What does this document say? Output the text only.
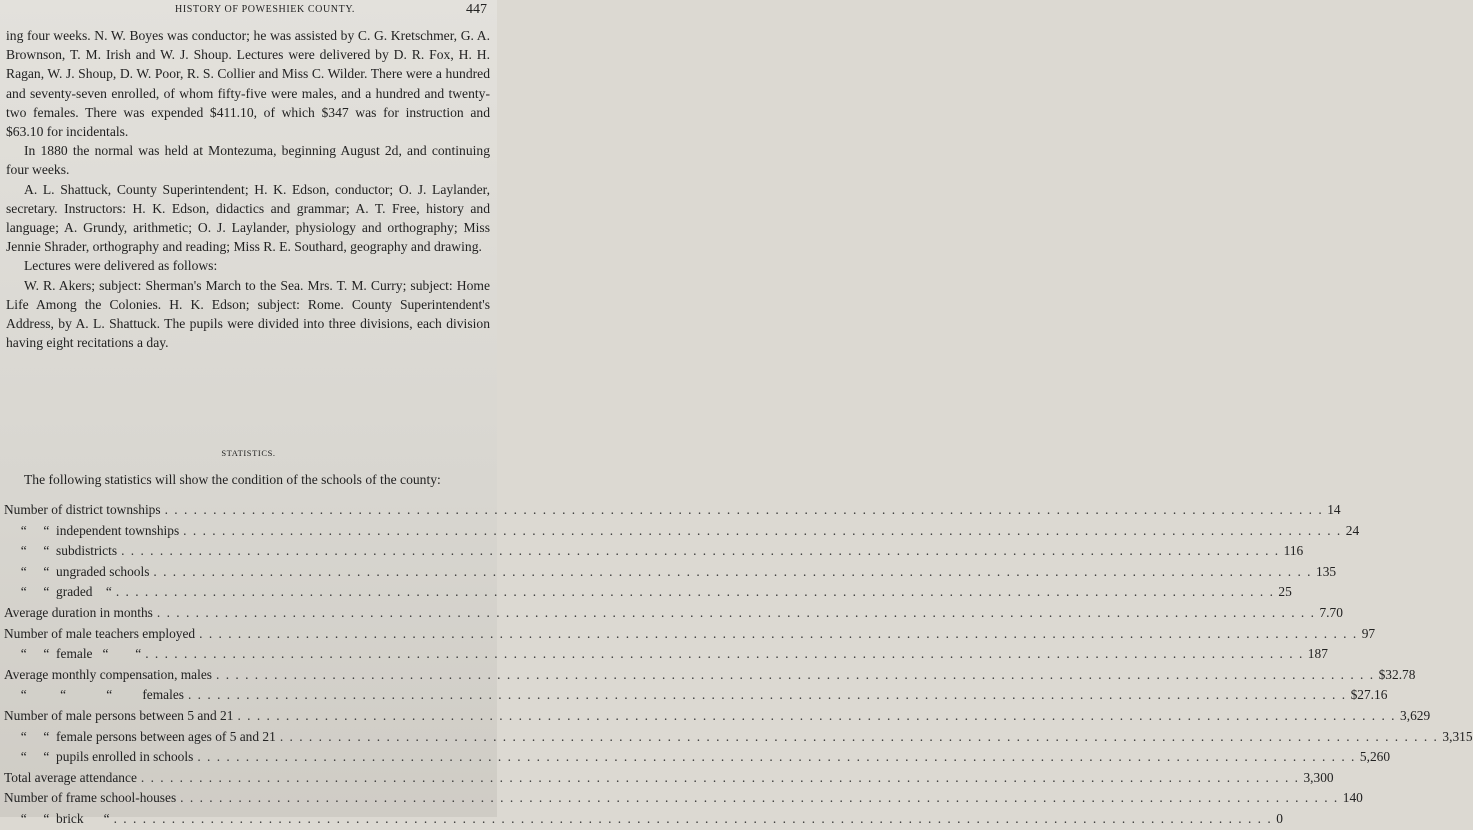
HISTORY OF POWESHIEK COUNTY.	447

ing four weeks. N. W. Boyes was conductor; he was assisted by C. G. Kretschmer, G. A. Brownson, T. M. Irish and W. J. Shoup. Lectures were delivered by D. R. Fox, H. H. Ragan, W. J. Shoup, D. W. Poor, R. S. Collier and Miss C. Wilder. There were a hundred and seventy-seven enrolled, of whom fifty-five were males, and a hundred and twenty-two females. There was expended $411.10, of which $347 was for instruction and $63.10 for incidentals.

In 1880 the normal was held at Montezuma, beginning August 2d, and continuing four weeks.

A. L. Shattuck, County Superintendent; H. K. Edson, conductor; O. J. Laylander, secretary. Instructors: H. K. Edson, didactics and grammar; A. T. Free, history and language; A. Grundy, arithmetic; O. J. Laylander, physiology and orthography; Miss Jennie Shrader, orthography and reading; Miss R. E. Southard, geography and drawing.

Lectures were delivered as follows:

W. R. Akers; subject: Sherman's March to the Sea. Mrs. T. M. Curry; subject: Home Life Among the Colonies. H. K. Edson; subject: Rome. County Superintendent's Address, by A. L. Shattuck. The pupils were divided into three divisions, each division having eight recitations a day.

STATISTICS.
The following statistics will show the condition of the schools of the county:
Number of district townships . . . . . . . . . . . . . . . . . . . . . . . . . . . . . . . . . . . . . . . . . . . . . . . . . . . . . . . . . . . . . . . . . . . . . . . . . . . . . . . . . . . . . . . . . . . . . . . . . . . . . . . . . . . . . . . . . . . . . . . . 14
“     “  independent townships . . . . . . . . . . . . . . . . . . . . . . . . . . . . . . . . . . . . . . . . . . . . . . . . . . . . . . . . . . . . . . . . . . . . . . . . . . . . . . . . . . . . . . . . . . . . . . . . . . . . . . . . . . . . . . . . . . . . . . . . 24
“     “  subdistricts . . . . . . . . . . . . . . . . . . . . . . . . . . . . . . . . . . . . . . . . . . . . . . . . . . . . . . . . . . . . . . . . . . . . . . . . . . . . . . . . . . . . . . . . . . . . . . . . . . . . . . . . . . . . . . . . . . . . . . . . 116
“     “  ungraded schools . . . . . . . . . . . . . . . . . . . . . . . . . . . . . . . . . . . . . . . . . . . . . . . . . . . . . . . . . . . . . . . . . . . . . . . . . . . . . . . . . . . . . . . . . . . . . . . . . . . . . . . . . . . . . . . . . . . . . . . . 135
“     “  graded    “ . . . . . . . . . . . . . . . . . . . . . . . . . . . . . . . . . . . . . . . . . . . . . . . . . . . . . . . . . . . . . . . . . . . . . . . . . . . . . . . . . . . . . . . . . . . . . . . . . . . . . . . . . . . . . . . . . . . . . . . . 25
Average duration in months . . . . . . . . . . . . . . . . . . . . . . . . . . . . . . . . . . . . . . . . . . . . . . . . . . . . . . . . . . . . . . . . . . . . . . . . . . . . . . . . . . . . . . . . . . . . . . . . . . . . . . . . . . . . . . . . . . . . . . . . 7.70
Number of male teachers employed . . . . . . . . . . . . . . . . . . . . . . . . . . . . . . . . . . . . . . . . . . . . . . . . . . . . . . . . . . . . . . . . . . . . . . . . . . . . . . . . . . . . . . . . . . . . . . . . . . . . . . . . . . . . . . . . . . . . . . . . 97
“     “  female   “        “ . . . . . . . . . . . . . . . . . . . . . . . . . . . . . . . . . . . . . . . . . . . . . . . . . . . . . . . . . . . . . . . . . . . . . . . . . . . . . . . . . . . . . . . . . . . . . . . . . . . . . . . . . . . . . . . . . . . . . . . . 187
Average monthly compensation, males . . . . . . . . . . . . . . . . . . . . . . . . . . . . . . . . . . . . . . . . . . . . . . . . . . . . . . . . . . . . . . . . . . . . . . . . . . . . . . . . . . . . . . . . . . . . . . . . . . . . . . . . . . . . . . . . . . . . . . . . $ 32.78
“          “            “         females . . . . . . . . . . . . . . . . . . . . . . . . . . . . . . . . . . . . . . . . . . . . . . . . . . . . . . . . . . . . . . . . . . . . . . . . . . . . . . . . . . . . . . . . . . . . . . . . . . . . . . . . . . . . . . . . . . . . . . . . $ 27.16
Number of male persons between 5 and 21 . . . . . . . . . . . . . . . . . . . . . . . . . . . . . . . . . . . . . . . . . . . . . . . . . . . . . . . . . . . . . . . . . . . . . . . . . . . . . . . . . . . . . . . . . . . . . . . . . . . . . . . . . . . . . . . . . . . . . . . . 3,629
“     “  female persons between ages of 5 and 21 . . . . . . . . . . . . . . . . . . . . . . . . . . . . . . . . . . . . . . . . . . . . . . . . . . . . . . . . . . . . . . . . . . . . . . . . . . . . . . . . . . . . . . . . . . . . . . . . . . . . . . . . . . . . . . . . . . . . . . . . 3,315
“     “  pupils enrolled in schools . . . . . . . . . . . . . . . . . . . . . . . . . . . . . . . . . . . . . . . . . . . . . . . . . . . . . . . . . . . . . . . . . . . . . . . . . . . . . . . . . . . . . . . . . . . . . . . . . . . . . . . . . . . . . . . . . . . . . . . . 5,260
Total average attendance . . . . . . . . . . . . . . . . . . . . . . . . . . . . . . . . . . . . . . . . . . . . . . . . . . . . . . . . . . . . . . . . . . . . . . . . . . . . . . . . . . . . . . . . . . . . . . . . . . . . . . . . . . . . . . . . . . . . . . . . 3,300
Number of frame school-houses . . . . . . . . . . . . . . . . . . . . . . . . . . . . . . . . . . . . . . . . . . . . . . . . . . . . . . . . . . . . . . . . . . . . . . . . . . . . . . . . . . . . . . . . . . . . . . . . . . . . . . . . . . . . . . . . . . . . . . . . 140
“     “  brick      “ . . . . . . . . . . . . . . . . . . . . . . . . . . . . . . . . . . . . . . . . . . . . . . . . . . . . . . . . . . . . . . . . . . . . . . . . . . . . . . . . . . . . . . . . . . . . . . . . . . . . . . . . . . . . . . . . . . . . . . . . 0
